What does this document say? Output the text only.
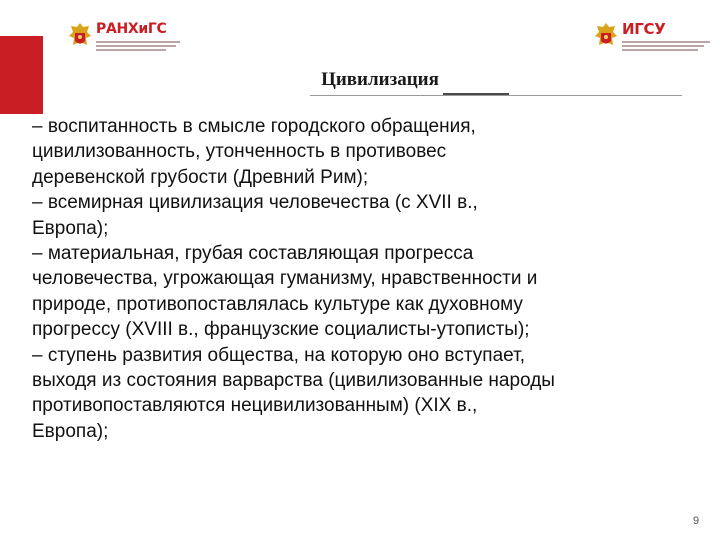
РАНХиГС	ИГСУ
Цивилизация
– воспитанность в смысле городского обращения,
цивилизованность, утонченность в противовес
деревенской грубости (Древний Рим);
– всемирная цивилизация человечества (с XVII в.,
Европа);
– материальная, грубая составляющая прогресса
человечества, угрожающая гуманизму, нравственности и
природе, противопоставлялась культуре как духовному
прогрессу (XVIII в., французские социалисты-утописты);
– ступень развития общества, на которую оно вступает,
выходя из состояния варварства (цивилизованные народы
противопоставляются нецивилизованным) (XIX в.,
Европа);
9
